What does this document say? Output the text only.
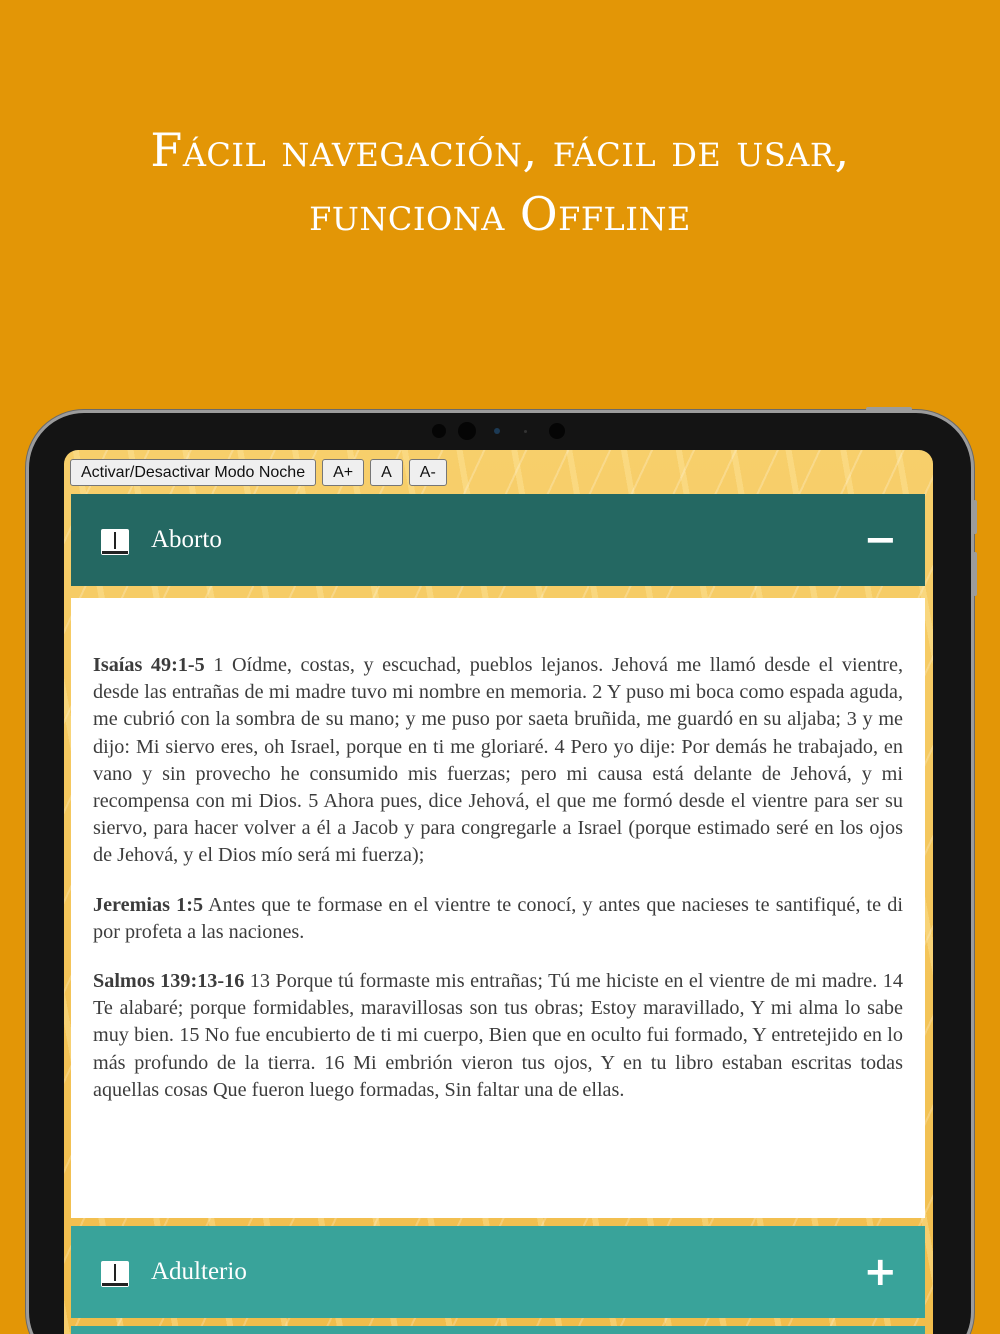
Fácil navegación, fácil de usar,
funciona Offline
Activar/Desactivar Modo Noche	A+	A	A-
Aborto	−

Isaías 49:1-5 1 Oídme, costas, y escuchad, pueblos lejanos. Jehová me llamó desde el vientre, desde las entrañas de mi madre tuvo mi nombre en memoria. 2 Y puso mi boca como espada aguda, me cubrió con la sombra de su mano; y me puso por saeta bruñida, me guardó en su aljaba; 3 y me dijo: Mi siervo eres, oh Israel, porque en ti me gloriaré. 4 Pero yo dije: Por demás he trabajado, en vano y sin provecho he consumido mis fuerzas; pero mi causa está delante de Jehová, y mi recompensa con mi Dios. 5 Ahora pues, dice Jehová, el que me formó desde el vientre para ser su siervo, para hacer volver a él a Jacob y para congregarle a Israel (porque estimado seré en los ojos de Jehová, y el Dios mío será mi fuerza);

Jeremias 1:5 Antes que te formase en el vientre te conocí, y antes que nacieses te santifiqué, te di por profeta a las naciones.

Salmos 139:13-16 13 Porque tú formaste mis entrañas; Tú me hiciste en el vientre de mi madre. 14 Te alabaré; porque formidables, maravillosas son tus obras; Estoy maravillado, Y mi alma lo sabe muy bien. 15 No fue encubierto de ti mi cuerpo, Bien que en oculto fui formado, Y entretejido en lo más profundo de la tierra. 16 Mi embrión vieron tus ojos, Y en tu libro estaban escritas todas aquellas cosas Que fueron luego formadas, Sin faltar una de ellas.

Adulterio	+
